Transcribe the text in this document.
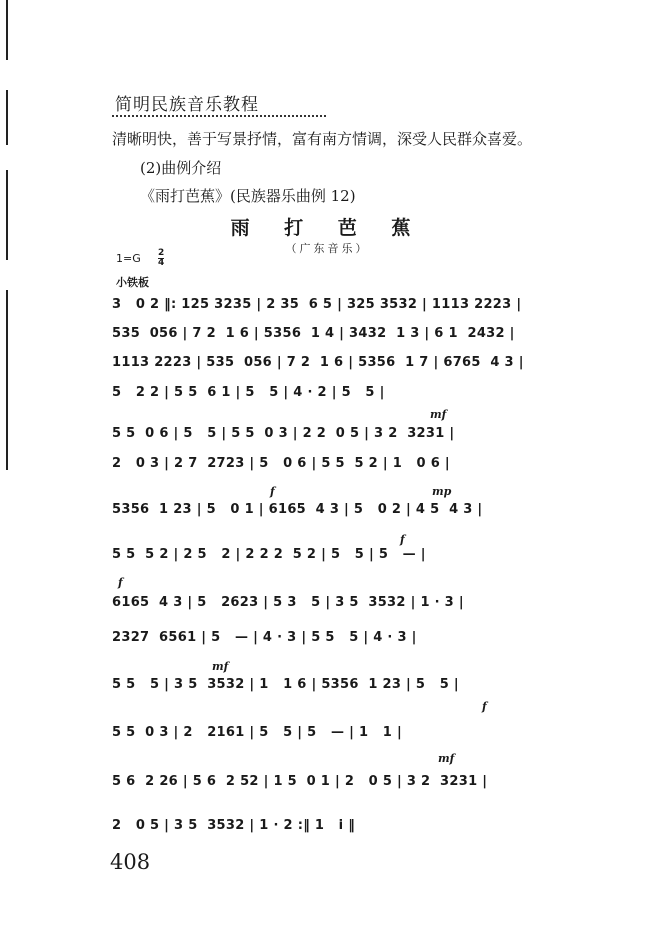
简明民族音乐教程
清晰明快，善于写景抒情，富有南方情调，深受人民群众喜爱。
(2)曲例介绍
《雨打芭蕉》(民族器乐曲例 12)
雨 打 芭 蕉
（广东音乐）
$1=G \frac{2}{4}$
小铁板
3   0 2 ‖: 125 3235 | 2 35  6 5 | 325 3532 | 1113 2223 |
535  056 | 7 2  1 6 | 5356  1 4 | 3432  1 3 | 6 1  2432 |
1113 2223 | 535  056 | 7 2  1 6 | 5356  1 7 | 6765  4 3 |
5   2 2 | 5 5  6 1 | 5   5 | 4 · 2 | 5   5 |
5 5  0 6 | 5   5 | 5 5  0 3 | 2 2  0 5 | 3 2  3231 |
2   0 3 | 2 7  2723 | 5   0 6 | 5 5  5 2 | 1   0 6 |
5356  1 23 | 5   0 1 | 6165  4 3 | 5   0 2 | 4 5  4 3 |
5 5  5 2 | 2 5   2 | 2 2 2  5 2 | 5   5 | 5   — |
6165  4 3 | 5   2623 | 5 3   5 | 3 5  3532 | 1 · 3 |
2327  6561 | 5   — | 4 · 3 | 5 5   5 | 4 · 3 |
5 5   5 | 3 5  3532 | 1   1 6 | 5356  1 23 | 5   5 |
5 5  0 3 | 2   2161 | 5   5 | 5   — | 1   1 |
5 6  2 26 | 5 6  2 52 | 1 5  0 1 | 2   0 5 | 3 2  3231 |
2   0 5 | 3 5  3532 | 1 · 2 :‖ 1   i ‖
mf
f	mp
f
f
mf
f
mf
408
